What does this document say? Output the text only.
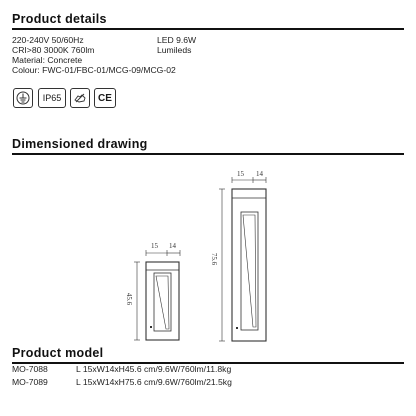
Product details
220-240V 50/60Hz	LED 9.6W
CRI>80 3000K 760lm	Lumileds
Material: Concrete
Colour: FWC-01/FBC-01/MCG-09/MCG-02
IP65	CE
Dimensioned drawing
15 14
45.6
15 14
75.6
Product model
MO-7088	L 15xW14xH45.6 cm/9.6W/760lm/11.8kg
MO-7089	L 15xW14xH75.6 cm/9.6W/760lm/21.5kg
